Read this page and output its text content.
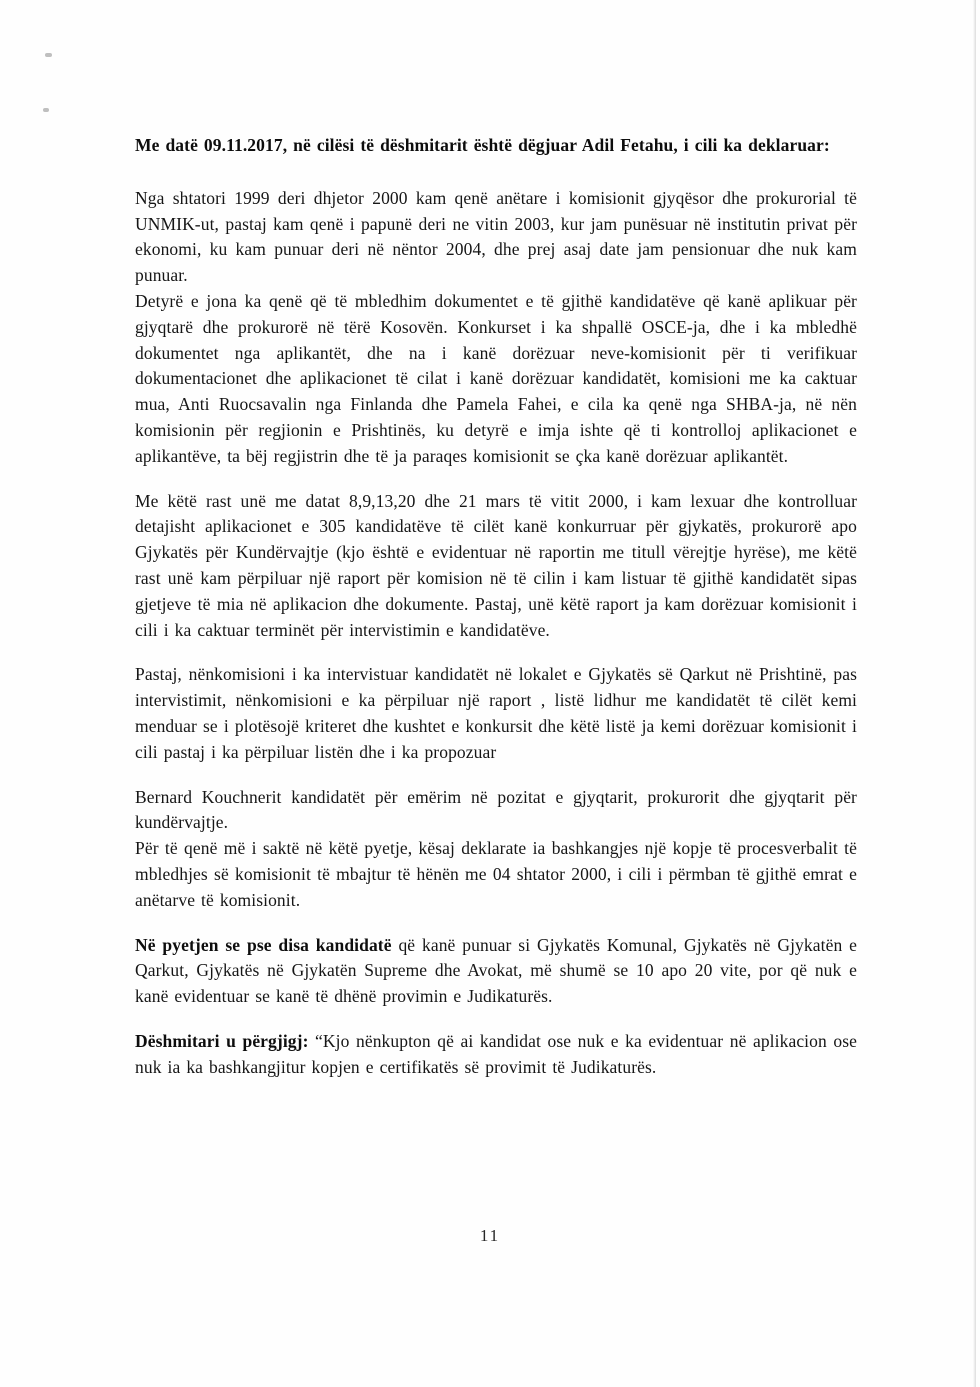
Me datë 09.11.2017, në cilësi të dëshmitarit është dëgjuar Adil Fetahu, i cili ka deklaruar:

Nga shtatori 1999 deri dhjetor 2000 kam qenë anëtare i komisionit gjyqësor dhe prokurorial të UNMIK-ut, pastaj kam qenë i papunë deri ne vitin 2003, kur jam punësuar në institutin privat për ekonomi, ku kam punuar deri në nëntor 2004, dhe prej asaj date jam pensionuar dhe nuk kam punuar.

Detyrë e jona ka qenë që të mbledhim dokumentet e të gjithë kandidatëve që kanë aplikuar për gjyqtarë dhe prokurorë në tërë Kosovën. Konkurset i ka shpallë OSCE-ja, dhe i ka mbledhë dokumentet nga aplikantët, dhe na i kanë dorëzuar neve-komisionit për ti verifikuar dokumentacionet dhe aplikacionet të cilat i kanë dorëzuar kandidatët, komisioni me ka caktuar mua, Anti Ruocsavalin nga Finlanda dhe Pamela Fahei, e cila ka qenë nga SHBA-ja, në nën komisionin për regjionin e Prishtinës, ku detyrë e imja ishte që ti kontrolloj aplikacionet e aplikantëve, ta bëj regjistrin dhe të ja paraqes komisionit se çka kanë dorëzuar aplikantët.

Me këtë rast unë me datat 8,9,13,20 dhe 21 mars të vitit 2000, i kam lexuar dhe kontrolluar detajisht aplikacionet e 305 kandidatëve të cilët kanë konkurruar për gjykatës, prokurorë apo Gjykatës për Kundërvajtje (kjo është e evidentuar në raportin me titull vërejtje hyrëse), me këtë rast unë kam përpiluar një raport për komision në të cilin i kam listuar të gjithë kandidatët sipas gjetjeve të mia në aplikacion dhe dokumente. Pastaj, unë këtë raport ja kam dorëzuar komisionit i cili i ka caktuar terminët për intervistimin e kandidatëve.

Pastaj, nënkomisioni i ka intervistuar kandidatët në lokalet e Gjykatës së Qarkut në Prishtinë, pas intervistimit, nënkomisioni e ka përpiluar një raport , listë lidhur me kandidatët të cilët kemi menduar se i plotësojë kriteret dhe kushtet e konkursit dhe këtë listë ja kemi dorëzuar komisionit i cili pastaj i ka përpiluar listën dhe i ka propozuar

Bernard Kouchnerit kandidatët për emërim në pozitat e gjyqtarit, prokurorit dhe gjyqtarit për kundërvajtje.

Për të qenë më i saktë në këtë pyetje, kësaj deklarate ia bashkangjes një kopje të procesverbalit të mbledhjes së komisionit të mbajtur të hënën me 04 shtator 2000, i cili i përmban të gjithë emrat e anëtarve të komisionit.

Në pyetjen se pse disa kandidatë që kanë punuar si Gjykatës Komunal, Gjykatës në Gjykatën e Qarkut, Gjykatës në Gjykatën Supreme dhe Avokat, më shumë se 10 apo 20 vite, por që nuk e kanë evidentuar se kanë të dhënë provimin e Judikaturës.

Dëshmitari u përgjigj: “Kjo nënkupton që ai kandidat ose nuk e ka evidentuar në aplikacion ose nuk ia ka bashkangjitur kopjen e certifikatës së provimit të Judikaturës.

11
